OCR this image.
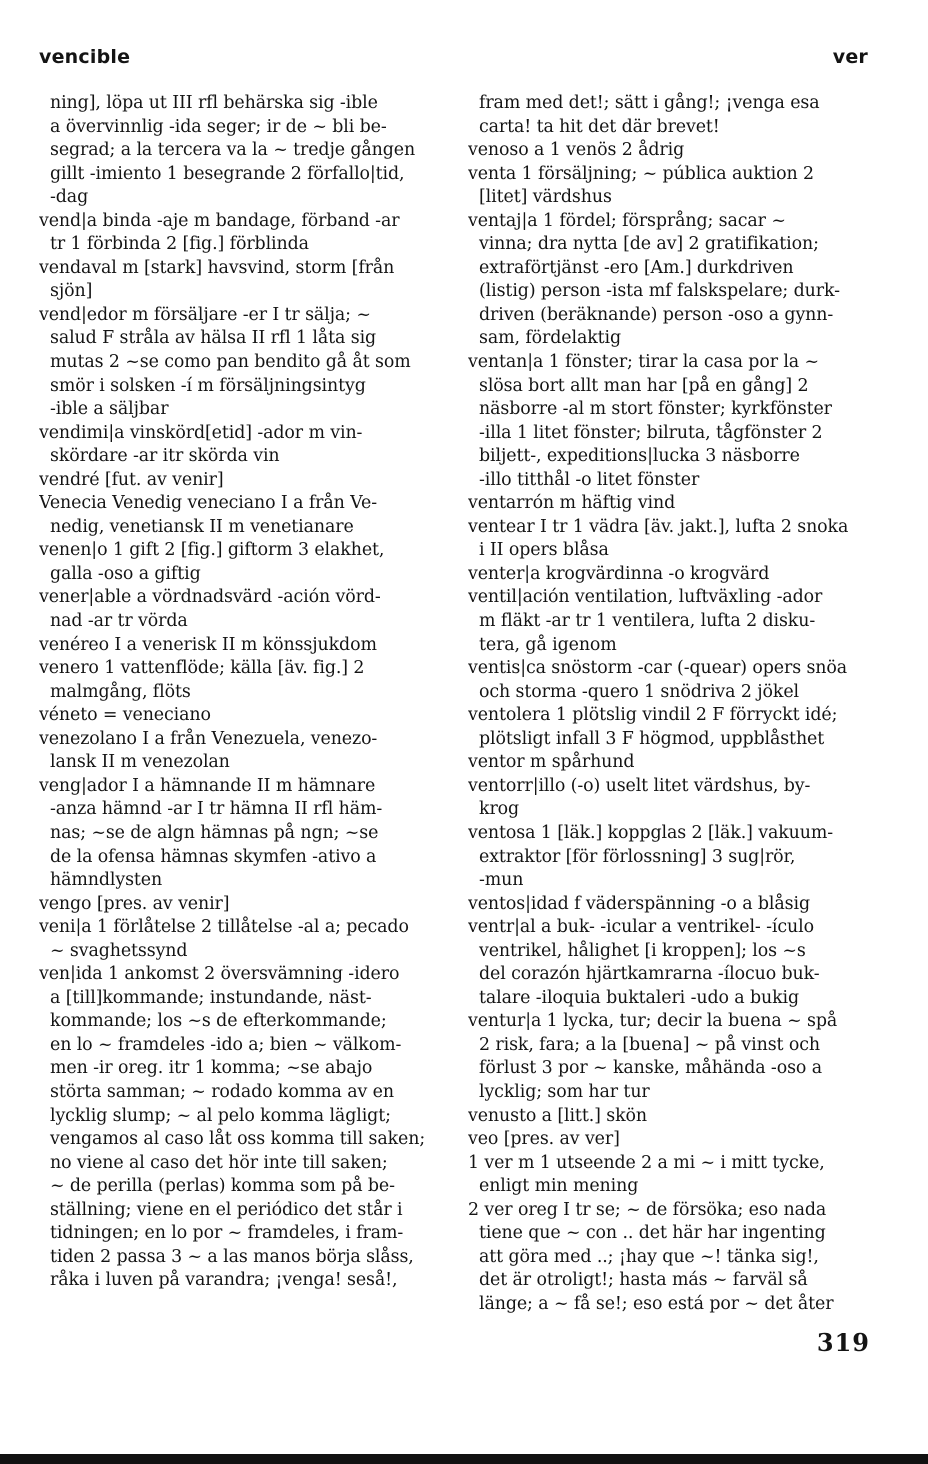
vencible	ver
ning], löpa ut III rfl behärska sig -ible
a övervinnlig -ida seger; ir de ~ bli be-
segrad; a la tercera va la ~ tredje gången
gillt -imiento 1 besegrande 2 förfallo|tid,
-dag
vend|a binda -aje m bandage, förband -ar
tr 1 förbinda 2 [fig.] förblinda
vendaval m [stark] havsvind, storm [från
sjön]
vend|edor m försäljare -er I tr sälja; ~
salud F stråla av hälsa II rfl 1 låta sig
mutas 2 ~se como pan bendito gå åt som
smör i solsken -í m försäljningsintyg
-ible a säljbar
vendimi|a vinskörd[etid] -ador m vin-
skördare -ar itr skörda vin
vendré [fut. av venir]
Venecia Venedig veneciano I a från Ve-
nedig, venetiansk II m venetianare
venen|o 1 gift 2 [fig.] giftorm 3 elakhet,
galla -oso a giftig
vener|able a vördnadsvärd -ación vörd-
nad -ar tr vörda
venéreo I a venerisk II m könssjukdom
venero 1 vattenflöde; källa [äv. fig.] 2
malmgång, flöts
véneto = veneciano
venezolano I a från Venezuela, venezo-
lansk II m venezolan
veng|ador I a hämnande II m hämnare
-anza hämnd -ar I tr hämna II rfl häm-
nas; ~se de algn hämnas på ngn; ~se
de la ofensa hämnas skymfen -ativo a
hämndlysten
vengo [pres. av venir]
veni|a 1 förlåtelse 2 tillåtelse -al a; pecado
~ svaghetssynd
ven|ida 1 ankomst 2 översvämning -idero
a [till]kommande; instundande, näst-
kommande; los ~s de efterkommande;
en lo ~ framdeles -ido a; bien ~ välkom-
men -ir oreg. itr 1 komma; ~se abajo
störta samman; ~ rodado komma av en
lycklig slump; ~ al pelo komma lägligt;
vengamos al caso låt oss komma till saken;
no viene al caso det hör inte till saken;
~ de perilla (perlas) komma som på be-
ställning; viene en el periódico det står i
tidningen; en lo por ~ framdeles, i fram-
tiden 2 passa 3 ~ a las manos börja slåss,
råka i luven på varandra; ¡venga! seså!,
fram med det!; sätt i gång!; ¡venga esa
carta! ta hit det där brevet!
venoso a 1 venös 2 ådrig
venta 1 försäljning; ~ pública auktion 2
[litet] värdshus
ventaj|a 1 fördel; försprång; sacar ~
vinna; dra nytta [de av] 2 gratifikation;
extraförtjänst -ero [Am.] durkdriven
(listig) person -ista mf falskspelare; durk-
driven (beräknande) person -oso a gynn-
sam, fördelaktig
ventan|a 1 fönster; tirar la casa por la ~
slösa bort allt man har [på en gång] 2
näsborre -al m stort fönster; kyrkfönster
-illa 1 litet fönster; bilruta, tågfönster 2
biljett-, expeditions|lucka 3 näsborre
-illo titthål -o litet fönster
ventarrón m häftig vind
ventear I tr 1 vädra [äv. jakt.], lufta 2 snoka
i II opers blåsa
venter|a krogvärdinna -o krogvärd
ventil|ación ventilation, luftväxling -ador
m fläkt -ar tr 1 ventilera, lufta 2 disku-
tera, gå igenom
ventis|ca snöstorm -car (-quear) opers snöa
och storma -quero 1 snödriva 2 jökel
ventolera 1 plötslig vindil 2 F förryckt idé;
plötsligt infall 3 F högmod, uppblåsthet
ventor m spårhund
ventorr|illo (-o) uselt litet värdshus, by-
krog
ventosa 1 [läk.] koppglas 2 [läk.] vakuum-
extraktor [för förlossning] 3 sug|rör,
-mun
ventos|idad f väderspänning -o a blåsig
ventr|al a buk- -icular a ventrikel- -ículo
ventrikel, hålighet [i kroppen]; los ~s
del corazón hjärtkamrarna -ílocuo buk-
talare -iloquia buktaleri -udo a bukig
ventur|a 1 lycka, tur; decir la buena ~ spå
2 risk, fara; a la [buena] ~ på vinst och
förlust 3 por ~ kanske, måhända -oso a
lycklig; som har tur
venusto a [litt.] skön
veo [pres. av ver]
1 ver m 1 utseende 2 a mi ~ i mitt tycke,
enligt min mening
2 ver oreg I tr se; ~ de försöka; eso nada
tiene que ~ con .. det här har ingenting
att göra med ..; ¡hay que ~! tänka sig!,
det är otroligt!; hasta más ~ farväl så
länge; a ~ få se!; eso está por ~ det åter
319
